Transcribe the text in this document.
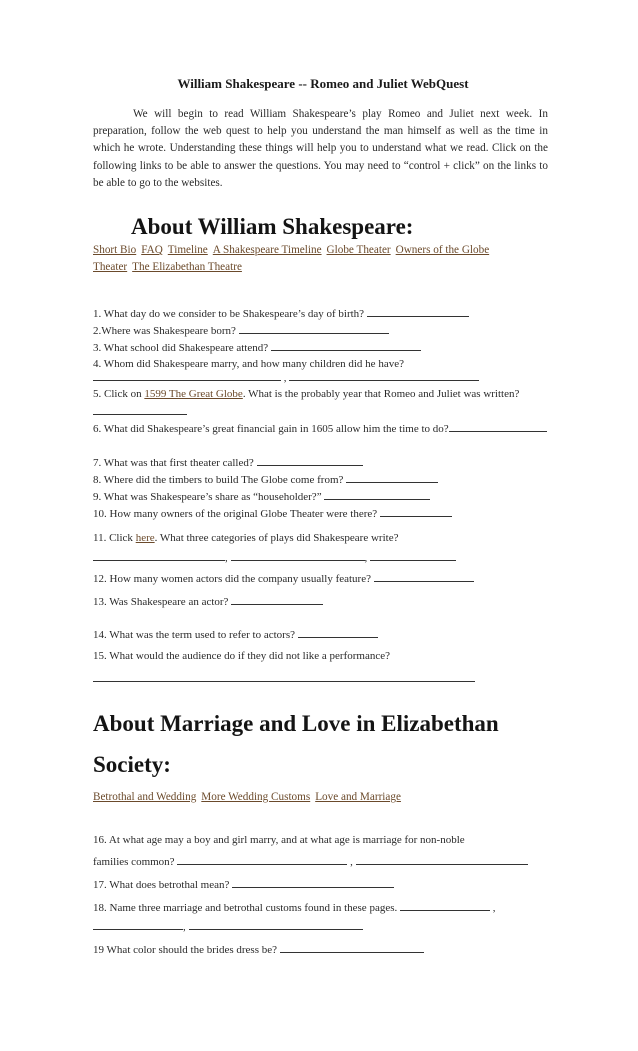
William Shakespeare -- Romeo and Juliet WebQuest
We will begin to read William Shakespeare’s play Romeo and Juliet next week. In preparation, follow the web quest to help you understand the man himself as well as the time in which he wrote. Understanding these things will help you to understand what we read. Click on the following links to be able to answer the questions. You may need to “control + click” on the links to be able to go to the websites.
About William Shakespeare:
Short Bio FAQ Timeline A Shakespeare Timeline Globe Theater Owners of the Globe Theater The Elizabethan Theatre
1. What day do we consider to be Shakespeare’s day of birth?
2.Where was Shakespeare born?
3. What school did Shakespeare attend?
4. Whom did Shakespeare marry, and how many children did he have?
,
5. Click on 1599 The Great Globe. What is the probably year that Romeo and Juliet was written?
6. What did Shakespeare’s great financial gain in 1605 allow him the time to do?
7. What was that first theater called?
8. Where did the timbers to build The Globe come from?
9. What was Shakespeare’s share as “householder?”
10. How many owners of the original Globe Theater were there?
11. Click here. What three categories of plays did Shakespeare write?
,	,
12. How many women actors did the company usually feature?
13. Was Shakespeare an actor?
14. What was the term used to refer to actors?
15. What would the audience do if they did not like a performance?
About Marriage and Love in Elizabethan
Society:
Betrothal and Wedding More Wedding Customs Love and Marriage
16. At what age may a boy and girl marry, and at what age is marriage for non-noble
families common?	,
17. What does betrothal mean?
18. Name three marriage and betrothal customs found in these pages.	,
,
19 What color should the brides dress be?
